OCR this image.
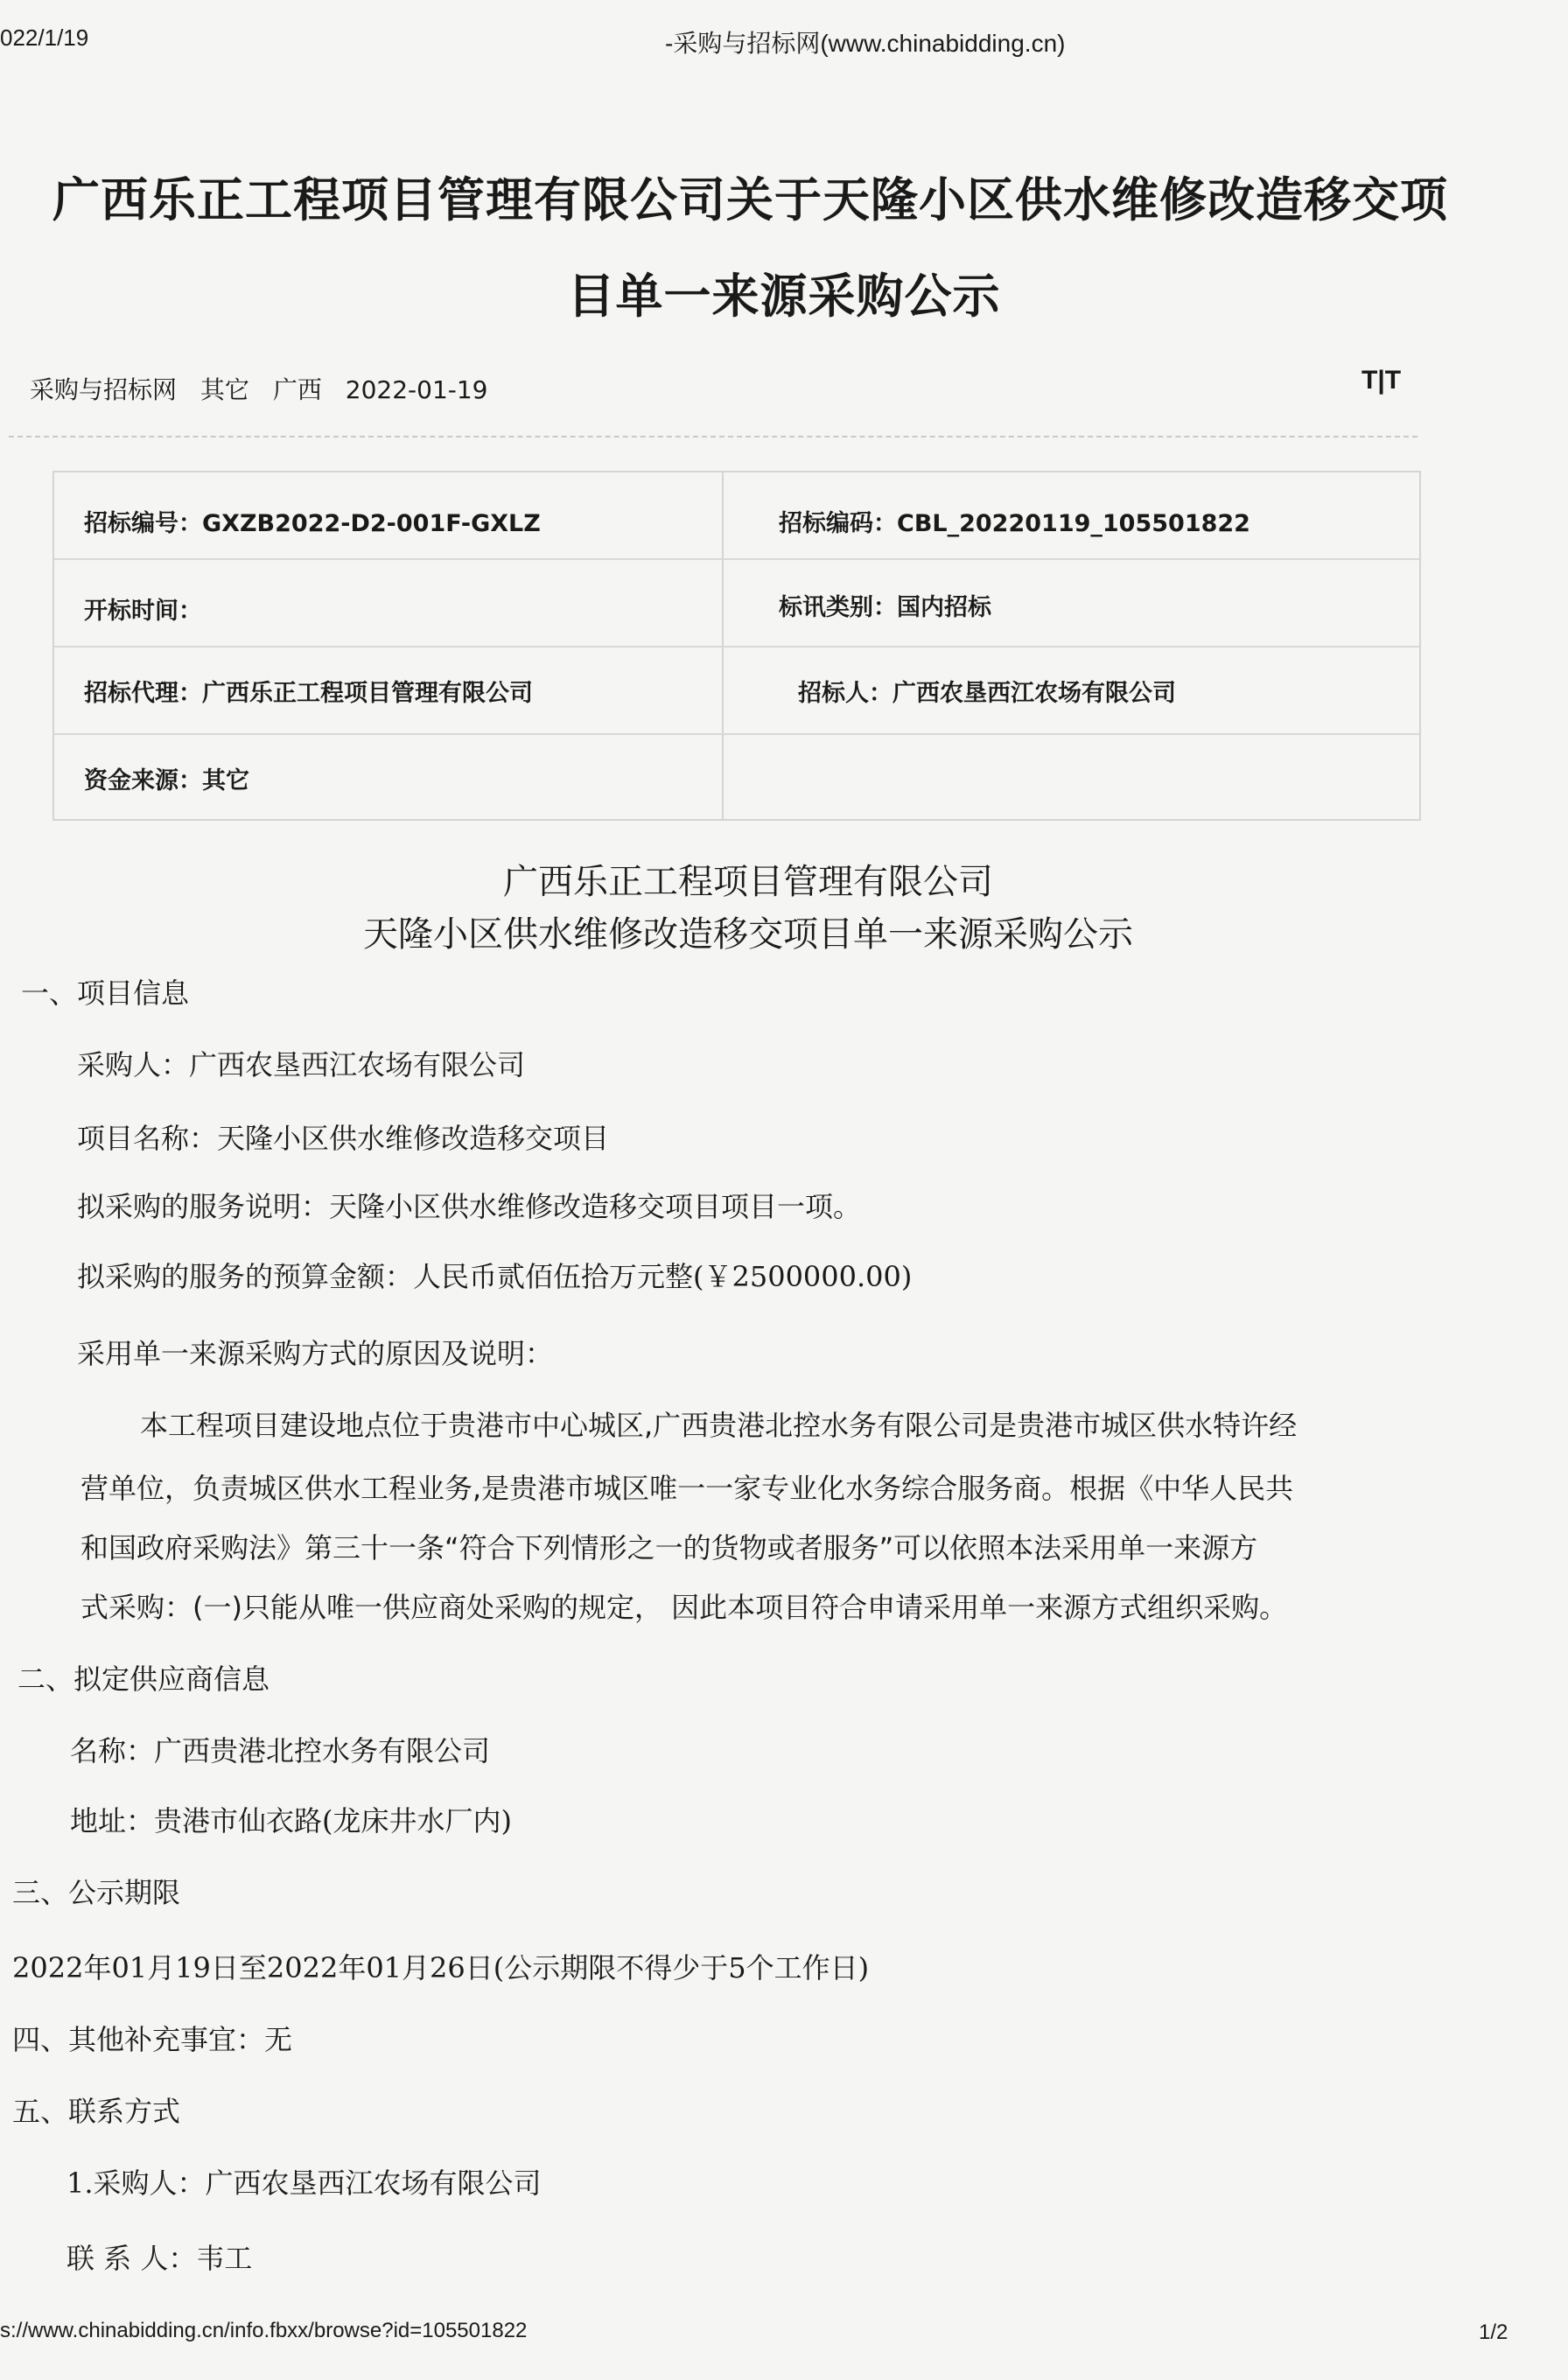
022/1/19	-采购与招标网(www.chinabidding.cn)
广西乐正工程项目管理有限公司关于天隆小区供水维修改造移交项
目单一来源采购公示
采购与招标网 其它 广西 2022-01-19	T|T
招标编号：GXZB2022-D2-001F-GXLZ	招标编码：CBL_20220119_105501822
开标时间：	标讯类别：国内招标
招标代理：广西乐正工程项目管理有限公司	招标人：广西农垦西江农场有限公司
资金来源：其它
广西乐正工程项目管理有限公司
天隆小区供水维修改造移交项目单一来源采购公示
一、项目信息
采购人：广西农垦西江农场有限公司
项目名称：天隆小区供水维修改造移交项目
拟采购的服务说明：天隆小区供水维修改造移交项目项目一项。
拟采购的服务的预算金额：人民币贰佰伍拾万元整(￥2500000.00)
采用单一来源采购方式的原因及说明：
本工程项目建设地点位于贵港市中心城区,广西贵港北控水务有限公司是贵港市城区供水特许经
营单位，负责城区供水工程业务,是贵港市城区唯一一家专业化水务综合服务商。根据《中华人民共
和国政府采购法》第三十一条“符合下列情形之一的货物或者服务”可以依照本法采用单一来源方
式采购：(一)只能从唯一供应商处采购的规定， 因此本项目符合申请采用单一来源方式组织采购。
二、拟定供应商信息
名称：广西贵港北控水务有限公司
地址：贵港市仙衣路(龙床井水厂内)
三、公示期限
2022年01月19日至2022年01月26日(公示期限不得少于5个工作日)
四、其他补充事宜：无
五、联系方式
1.采购人：广西农垦西江农场有限公司
联 系 人：韦工
s://www.chinabidding.cn/info.fbxx/browse?id=105501822	1/2
